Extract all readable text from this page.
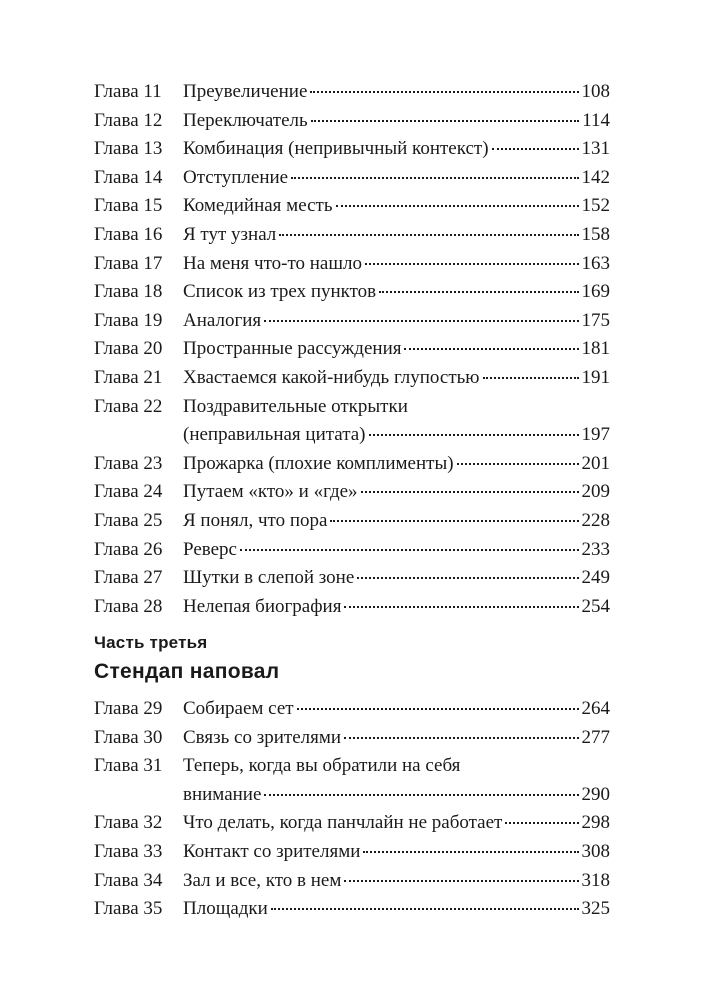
Глава 11	Преувеличение	108
Глава 12	Переключатель	114
Глава 13	Комбинация (непривычный контекст)	131
Глава 14	Отступление	142
Глава 15	Комедийная месть	152
Глава 16	Я тут узнал	158
Глава 17	На меня что-то нашло	163
Глава 18	Список из трех пунктов	169
Глава 19	Аналогия	175
Глава 20	Пространные рассуждения	181
Глава 21	Хвастаемся какой-нибудь глупостью	191
Глава 22	Поздравительные открытки
(неправильная цитата)	197
Глава 23	Прожарка (плохие комплименты)	201
Глава 24	Путаем «кто» и «где»	209
Глава 25	Я понял, что пора	228
Глава 26	Реверс	233
Глава 27	Шутки в слепой зоне	249
Глава 28	Нелепая биография	254
Часть третья
Стендап наповал
Глава 29	Собираем сет	264
Глава 30	Связь со зрителями	277
Глава 31	Теперь, когда вы обратили на себя
внимание	290
Глава 32	Что делать, когда панчлайн не работает	298
Глава 33	Контакт со зрителями	308
Глава 34	Зал и все, кто в нем	318
Глава 35	Площадки	325
